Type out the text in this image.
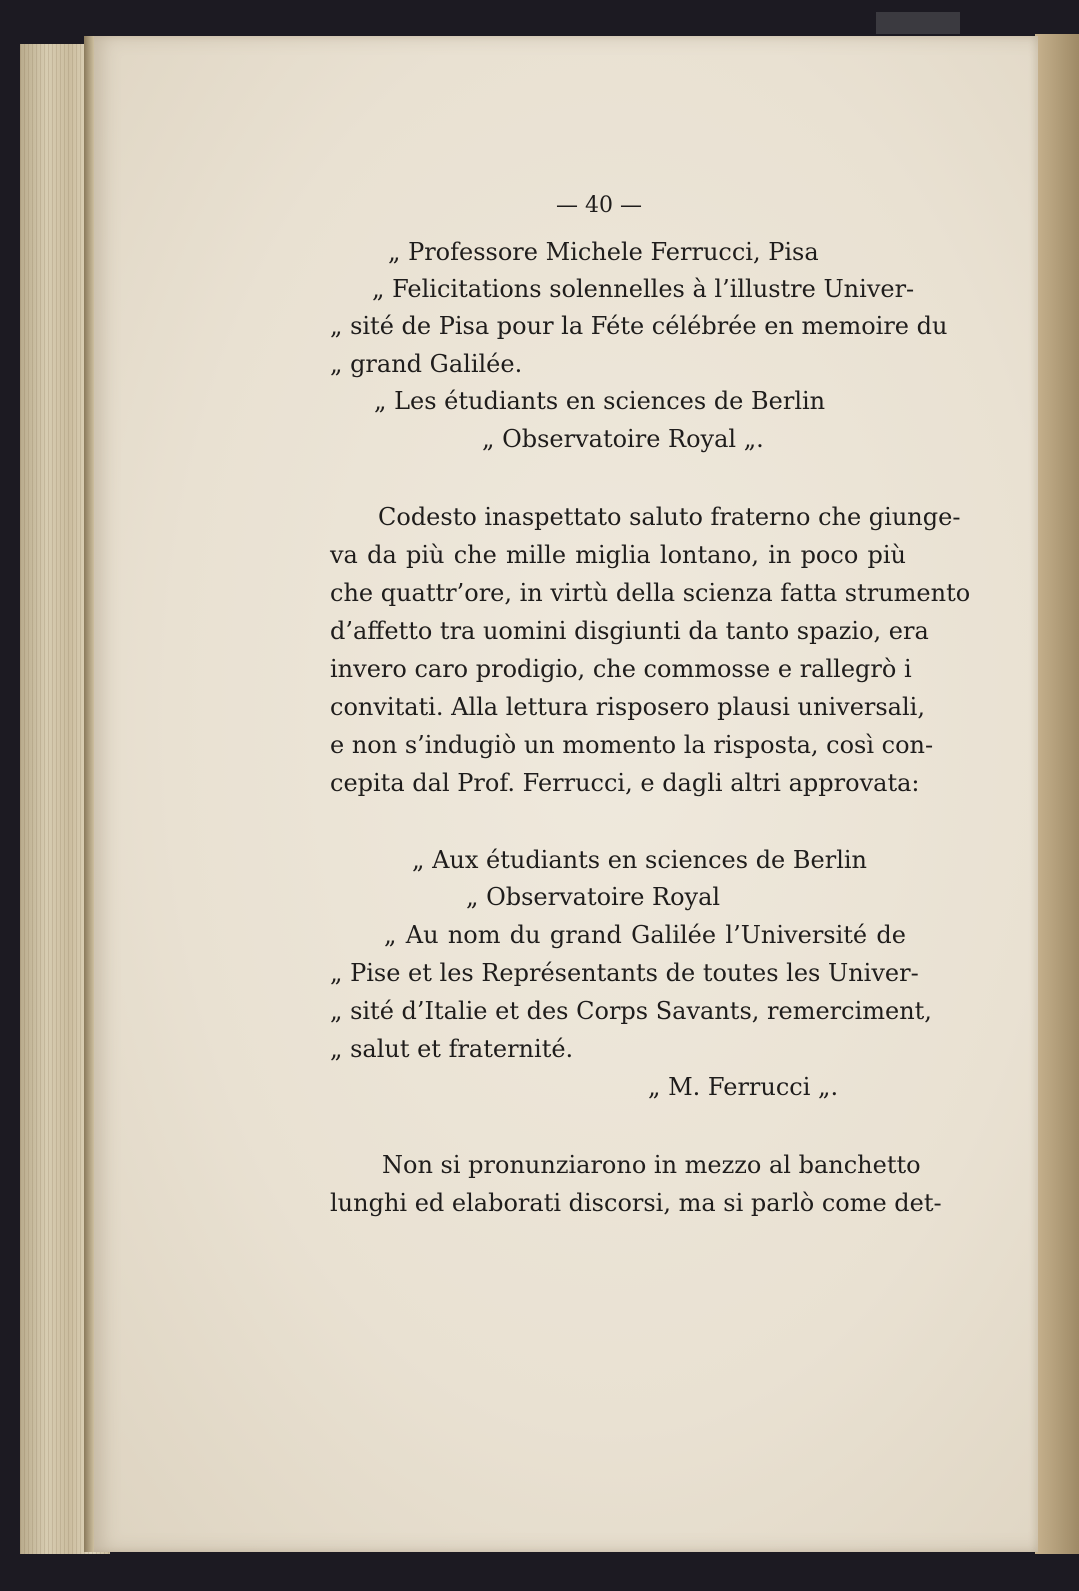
— 40 —
„ Professore Michele Ferrucci, Pisa
„ Felicitations solennelles à l’illustre Univer-
„ sité de Pisa pour la Féte célébrée en memoire du
„ grand Galilée.
„ Les étudiants en sciences de Berlin
„ Observatoire Royal „.
Codesto inaspettato saluto fraterno che giunge-
va da più che mille miglia lontano, in poco più
che quattr’ore, in virtù della scienza fatta strumento
d’affetto tra uomini disgiunti da tanto spazio, era
invero caro prodigio, che commosse e rallegrò i
convitati. Alla lettura risposero plausi universali,
e non s’indugiò un momento la risposta, così con-
cepita dal Prof. Ferrucci, e dagli altri approvata:
„ Aux étudiants en sciences de Berlin
„ Observatoire Royal
„ Au nom du grand Galilée l’Université de
„ Pise et les Représentants de toutes les Univer-
„ sité d’Italie et des Corps Savants, remerciment,
„ salut et fraternité.
„ M. Ferrucci „.
Non si pronunziarono in mezzo al banchetto
lunghi ed elaborati discorsi, ma si parlò come det-
